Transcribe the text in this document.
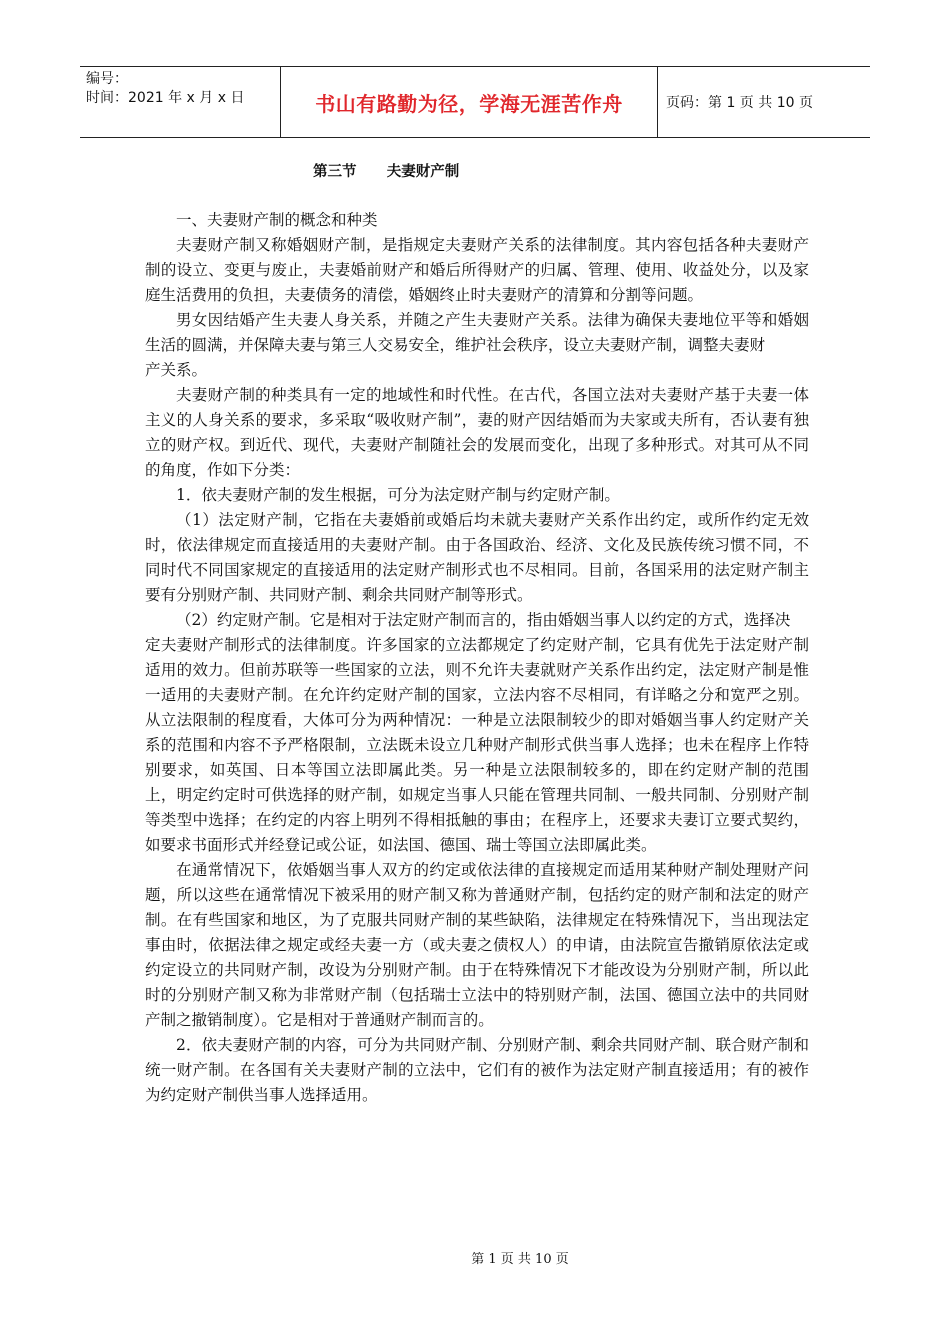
编号：
时间：2021 年 x 月 x 日	书山有路勤为径，学海无涯苦作舟	页码：第 1 页 共 10 页
第三节      夫妻财产制

一、夫妻财产制的概念和种类

夫妻财产制又称婚姻财产制，是指规定夫妻财产关系的法律制度。其内容包括各种夫妻财产制的设立、变更与废止，夫妻婚前财产和婚后所得财产的归属、管理、使用、收益处分，以及家庭生活费用的负担，夫妻债务的清偿，婚姻终止时夫妻财产的清算和分割等问题。

男女因结婚产生夫妻人身关系，并随之产生夫妻财产关系。法律为确保夫妻地位平等和婚姻生活的圆满，并保障夫妻与第三人交易安全，维护社会秩序，设立夫妻财产制，调整夫妻财

产关系。

夫妻财产制的种类具有一定的地域性和时代性。在古代，各国立法对夫妻财产基于夫妻一体主义的人身关系的要求，多采取“吸收财产制”，妻的财产因结婚而为夫家或夫所有，否认妻有独立的财产权。到近代、现代，夫妻财产制随社会的发展而变化，出现了多种形式。对其可从不同的角度，作如下分类：

1．依夫妻财产制的发生根据，可分为法定财产制与约定财产制。

（1）法定财产制，它指在夫妻婚前或婚后均未就夫妻财产关系作出约定，或所作约定无效时，依法律规定而直接适用的夫妻财产制。由于各国政治、经济、文化及民族传统习惯不同，不同时代不同国家规定的直接适用的法定财产制形式也不尽相同。目前，各国采用的法定财产制主要有分别财产制、共同财产制、剩余共同财产制等形式。

（2）约定财产制。它是相对于法定财产制而言的，指由婚姻当事人以约定的方式，选择决

定夫妻财产制形式的法律制度。许多国家的立法都规定了约定财产制，它具有优先于法定财产制适用的效力。但前苏联等一些国家的立法，则不允许夫妻就财产关系作出约定，法定财产制是惟一适用的夫妻财产制。在允许约定财产制的国家，立法内容不尽相同，有详略之分和宽严之别。从立法限制的程度看，大体可分为两种情况：一种是立法限制较少的即对婚姻当事人约定财产关系的范围和内容不予严格限制，立法既未设立几种财产制形式供当事人选择；也未在程序上作特别要求，如英国、日本等国立法即属此类。另一种是立法限制较多的，即在约定财产制的范围上，明定约定时可供选择的财产制，如规定当事人只能在管理共同制、一般共同制、分别财产制等类型中选择；在约定的内容上明列不得相抵触的事由；在程序上，还要求夫妻订立要式契约，如要求书面形式并经登记或公证，如法国、德国、瑞士等国立法即属此类。

在通常情况下，依婚姻当事人双方的约定或依法律的直接规定而适用某种财产制处理财产问题，所以这些在通常情况下被采用的财产制又称为普通财产制，包括约定的财产制和法定的财产制。在有些国家和地区，为了克服共同财产制的某些缺陷，法律规定在特殊情况下，当出现法定事由时，依据法律之规定或经夫妻一方（或夫妻之债权人）的申请，由法院宣告撤销原依法定或约定设立的共同财产制，改设为分别财产制。由于在特殊情况下才能改设为分别财产制，所以此时的分别财产制又称为非常财产制（包括瑞士立法中的特别财产制，法国、德国立法中的共同财产制之撤销制度）。它是相对于普通财产制而言的。

2．依夫妻财产制的内容，可分为共同财产制、分别财产制、剩余共同财产制、联合财产制和统一财产制。在各国有关夫妻财产制的立法中，它们有的被作为法定财产制直接适用；有的被作为约定财产制供当事人选择适用。

第 1 页 共 10 页
